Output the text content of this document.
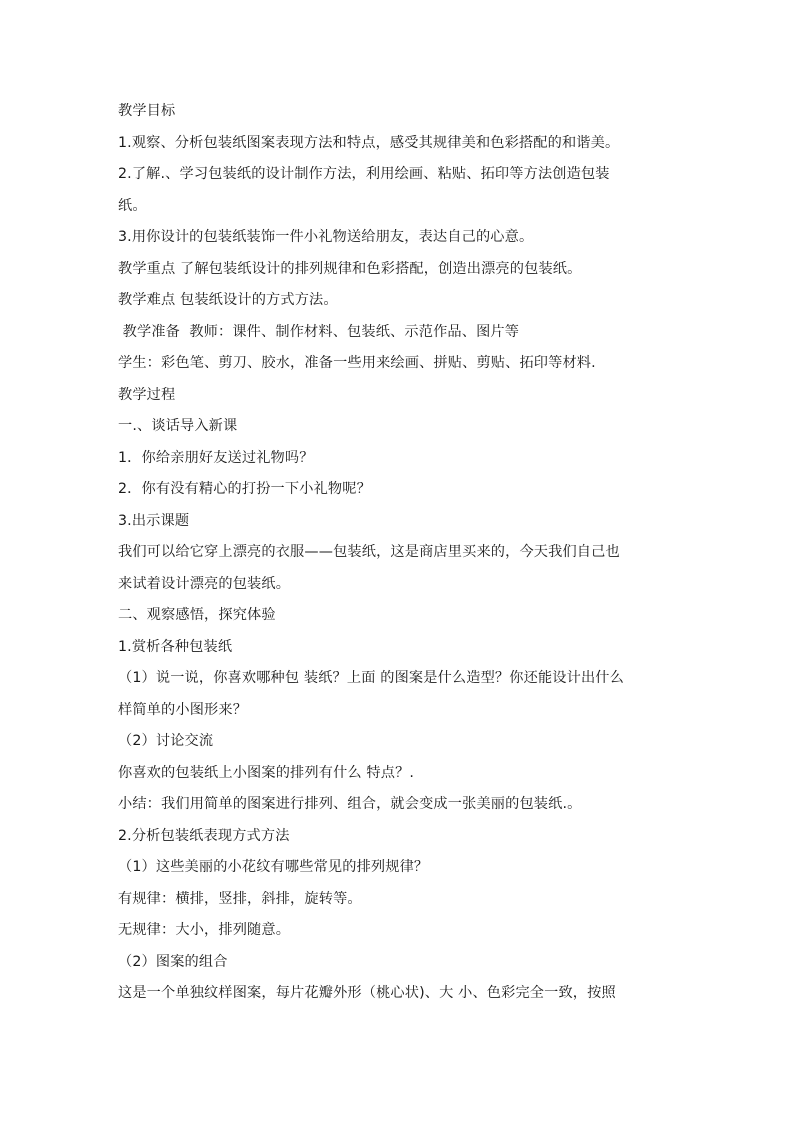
教学目标
1.观察、分析包装纸图案表现方法和特点，感受其规律美和色彩搭配的和谐美。
2.了解.、学习包装纸的设计制作方法，利用绘画、粘贴、拓印等方法创造包装
纸。
3.用你设计的包装纸装饰一件小礼物送给朋友，表达自己的心意。
教学重点 了解包装纸设计的排列规律和色彩搭配，创造出漂亮的包装纸。
教学难点 包装纸设计的方式方法。
教学准备  教师：课件、制作材料、包装纸、示范作品、图片等
学生：彩色笔、剪刀、胶水，准备一些用来绘画、拼贴、剪贴、拓印等材料.
教学过程
一.、谈话导入新课
1．你给亲朋好友送过礼物吗？
2．你有没有精心的打扮一下小礼物呢？
3.出示课题
我们可以给它穿上漂亮的衣服——包装纸，这是商店里买来的，今天我们自己也
来试着设计漂亮的包装纸。
二、观察感悟，探究体验
1.赏析各种包装纸
（1）说一说，你喜欢哪种包 装纸？上面 的图案是什么造型？你还能设计出什么
样简单的小图形来？
（2）讨论交流
你喜欢的包装纸上小图案的排列有什么 特点？.
小结：我们用简单的图案进行排列、组合，就会变成一张美丽的包装纸.。
2.分析包装纸表现方式方法
（1）这些美丽的小花纹有哪些常见的排列规律？
有规律：横排，竖排，斜排，旋转等。
无规律：大小，排列随意。
（2）图案的组合
这是一个单独纹样图案，每片花瓣外形（桃心状)、大 小、色彩完全一致，按照
